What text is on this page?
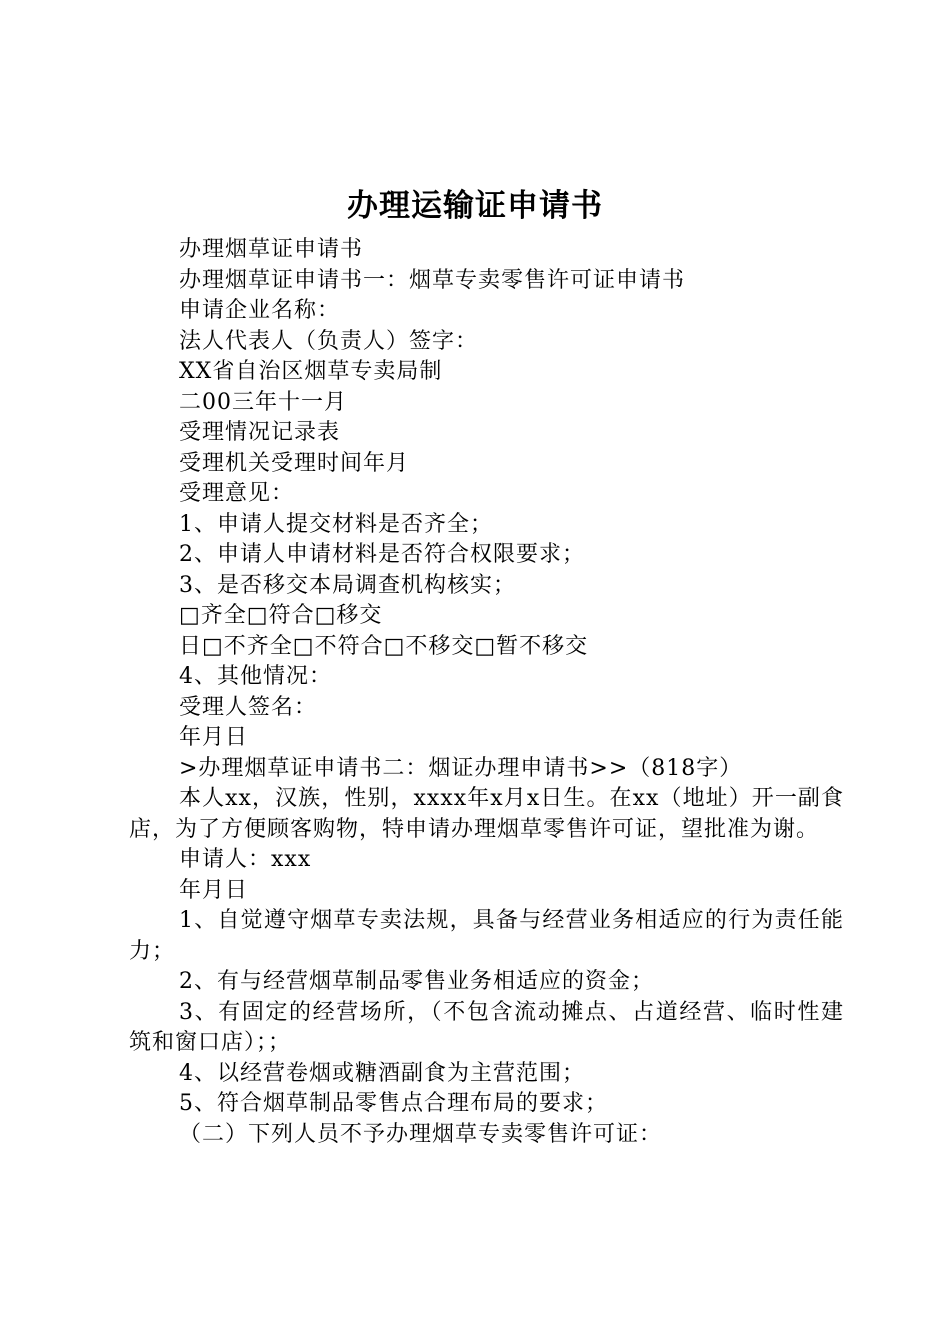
办理运输证申请书

办理烟草证申请书

办理烟草证申请书一：烟草专卖零售许可证申请书

申请企业名称：

法人代表人（负责人）签字：

XX省自治区烟草专卖局制

二00三年十一月

受理情况记录表

受理机关受理时间年月

受理意见：

1、申请人提交材料是否齐全；

2、申请人申请材料是否符合权限要求；

3、是否移交本局调查机构核实；

□齐全□符合□移交

日□不齐全□不符合□不移交□暂不移交

4、其他情况：

受理人签名：

年月日

>办理烟草证申请书二：烟证办理申请书>>（818字）

本人xx，汉族，性别，xxxx年x月x日生。在xx（地址）开一副食店，为了方便顾客购物，特申请办理烟草零售许可证，望批准为谢。

申请人：xxx

年月日

1、自觉遵守烟草专卖法规，具备与经营业务相适应的行为责任能力；

2、有与经营烟草制品零售业务相适应的资金；

3、有固定的经营场所，（不包含流动摊点、占道经营、临时性建筑和窗口店）；；

4、以经营卷烟或糖酒副食为主营范围；

5、符合烟草制品零售点合理布局的要求；

（二）下列人员不予办理烟草专卖零售许可证：
